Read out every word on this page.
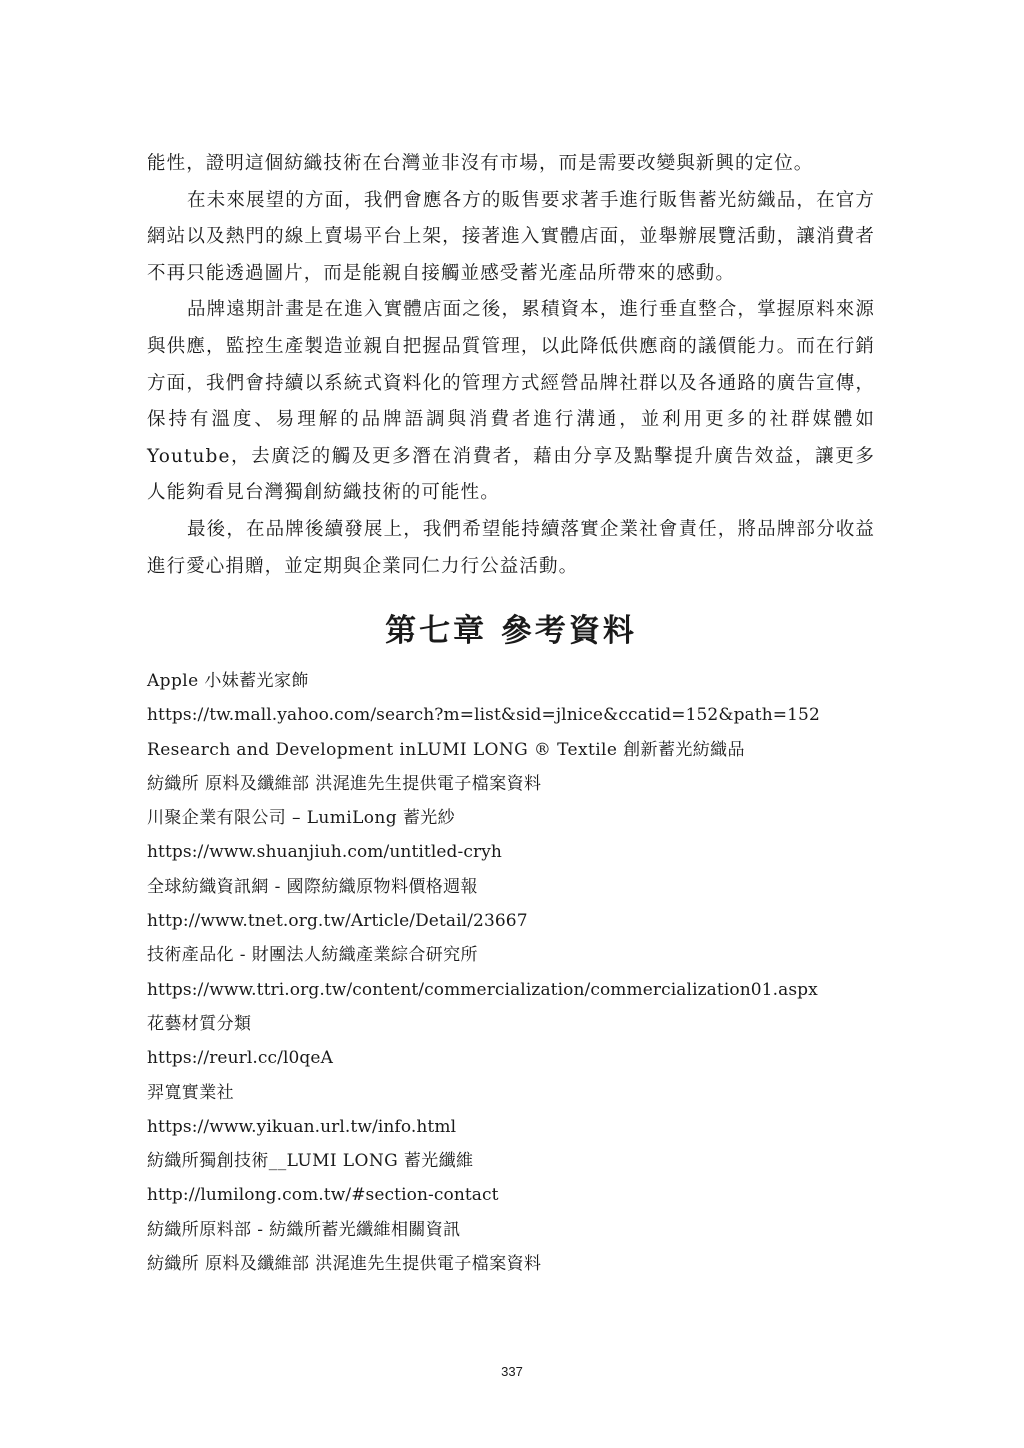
能性，證明這個紡織技術在台灣並非沒有市場，而是需要改變與新興的定位。

在未來展望的方面，我們會應各方的販售要求著手進行販售蓄光紡織品，在官方網站以及熱門的線上賣場平台上架，接著進入實體店面，並舉辦展覽活動，讓消費者不再只能透過圖片，而是能親自接觸並感受蓄光產品所帶來的感動。

品牌遠期計畫是在進入實體店面之後，累積資本，進行垂直整合，掌握原料來源與供應，監控生產製造並親自把握品質管理，以此降低供應商的議價能力。而在行銷方面，我們會持續以系統式資料化的管理方式經營品牌社群以及各通路的廣告宣傳，保持有溫度、易理解的品牌語調與消費者進行溝通，並利用更多的社群媒體如 Youtube，去廣泛的觸及更多潛在消費者，藉由分享及點擊提升廣告效益，讓更多人能夠看見台灣獨創紡織技術的可能性。

最後，在品牌後續發展上，我們希望能持續落實企業社會責任，將品牌部分收益進行愛心捐贈，並定期與企業同仁力行公益活動。

第七章 參考資料
Apple 小妹蓄光家飾
https://tw.mall.yahoo.com/search?m=list&sid=jlnice&ccatid=152&path=152
Research and Development inLUMI LONG ® Textile 創新蓄光紡織品
紡織所 原料及纖維部 洪浘進先生提供電子檔案資料
川聚企業有限公司 – LumiLong 蓄光紗
https://www.shuanjiuh.com/untitled-cryh
全球紡織資訊網 - 國際紡織原物料價格週報
http://www.tnet.org.tw/Article/Detail/23667
技術產品化 - 財團法人紡織產業綜合研究所
https://www.ttri.org.tw/content/commercialization/commercialization01.aspx
花藝材質分類
https://reurl.cc/l0qeA
羿寬實業社
https://www.yikuan.url.tw/info.html
紡織所獨創技術__LUMI LONG 蓄光纖維
http://lumilong.com.tw/#section-contact
紡織所原料部 - 紡織所蓄光纖維相關資訊
紡織所 原料及纖維部 洪浘進先生提供電子檔案資料
337
